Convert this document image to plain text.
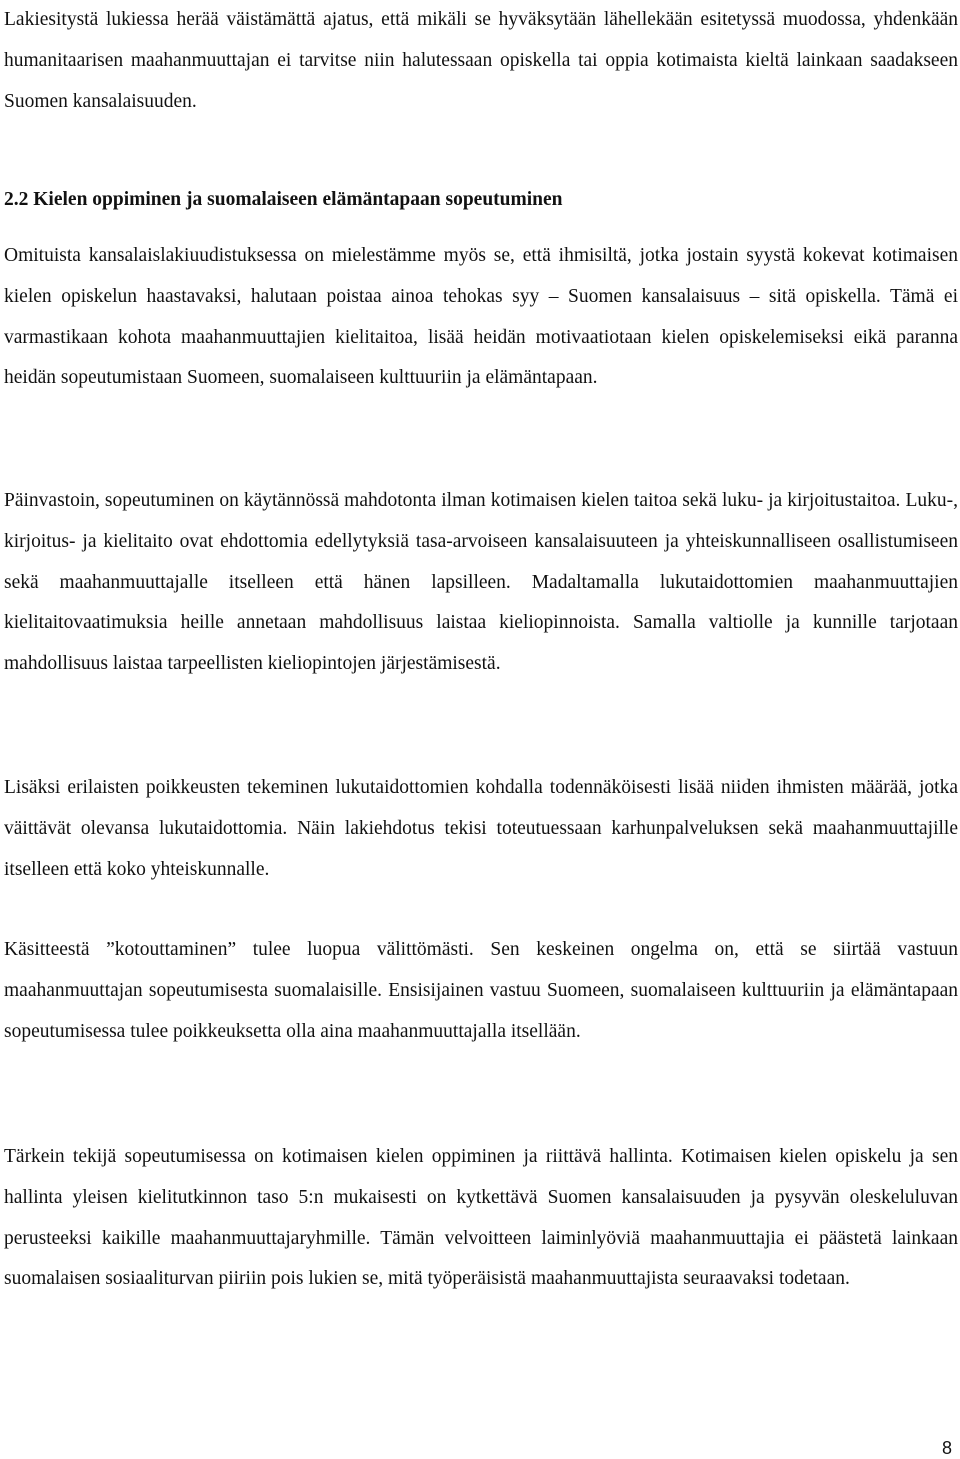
Lakiesitystä lukiessa herää väistämättä ajatus, että mikäli se hyväksytään lähellekään esitetyssä muodossa, yhdenkään humanitaarisen maahanmuuttajan ei tarvitse niin halutessaan opiskella tai oppia kotimaista kieltä lainkaan saadakseen Suomen kansalaisuuden.

2.2 Kielen oppiminen ja suomalaiseen elämäntapaan sopeutuminen

Omituista kansalaislakiuudistuksessa on mielestämme myös se, että ihmisiltä, jotka jostain syystä kokevat kotimaisen kielen opiskelun haastavaksi, halutaan poistaa ainoa tehokas syy – Suomen kansalaisuus – sitä opiskella. Tämä ei varmastikaan kohota maahanmuuttajien kielitaitoa, lisää heidän motivaatiotaan kielen opiskelemiseksi eikä paranna heidän sopeutumistaan Suomeen, suomalaiseen kulttuuriin ja elämäntapaan.

Päinvastoin, sopeutuminen on käytännössä mahdotonta ilman kotimaisen kielen taitoa sekä luku- ja kirjoitustaitoa. Luku-, kirjoitus- ja kielitaito ovat ehdottomia edellytyksiä tasa-arvoiseen kansalaisuuteen ja yhteiskunnalliseen osallistumiseen sekä maahanmuuttajalle itselleen että hänen lapsilleen. Madaltamalla lukutaidottomien maahanmuuttajien kielitaitovaatimuksia heille annetaan mahdollisuus laistaa kieliopinnoista. Samalla valtiolle ja kunnille tarjotaan mahdollisuus laistaa tarpeellisten kieliopintojen järjestämisestä.

Lisäksi erilaisten poikkeusten tekeminen lukutaidottomien kohdalla todennäköisesti lisää niiden ihmisten määrää, jotka väittävät olevansa lukutaidottomia. Näin lakiehdotus tekisi toteutuessaan karhunpalveluksen sekä maahanmuuttajille itselleen että koko yhteiskunnalle.

Käsitteestä ”kotouttaminen” tulee luopua välittömästi. Sen keskeinen ongelma on, että se siirtää vastuun maahanmuuttajan sopeutumisesta suomalaisille. Ensisijainen vastuu Suomeen, suomalaiseen kulttuuriin ja elämäntapaan sopeutumisessa tulee poikkeuksetta olla aina maahanmuuttajalla itsellään.

Tärkein tekijä sopeutumisessa on kotimaisen kielen oppiminen ja riittävä hallinta. Kotimaisen kielen opiskelu ja sen hallinta yleisen kielitutkinnon taso 5:n mukaisesti on kytkettävä Suomen kansalaisuuden ja pysyvän oleskeluluvan perusteeksi kaikille maahanmuuttajaryhmille. Tämän velvoitteen laiminlyöviä maahanmuuttajia ei päästetä lainkaan suomalaisen sosiaaliturvan piiriin pois lukien se, mitä työperäisistä maahanmuuttajista seuraavaksi todetaan.

8
